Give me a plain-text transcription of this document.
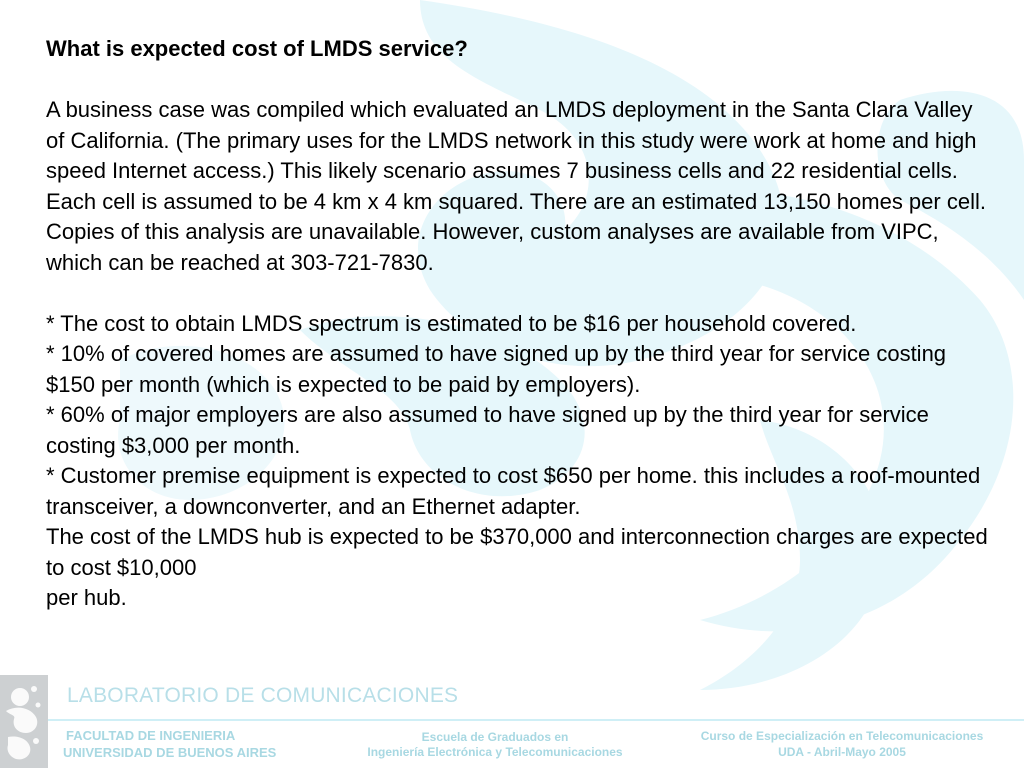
What is expected cost of LMDS service?

A business case was compiled which evaluated an LMDS deployment in the Santa Clara Valley of California. (The primary uses for the LMDS network in this study were work at home and high speed Internet access.) This likely scenario assumes 7 business cells and 22 residential cells. Each cell is assumed to be 4 km x 4 km squared. There are an estimated 13,150 homes per cell. Copies of this analysis are unavailable. However, custom analyses are available from VIPC, which can be reached at 303-721-7830.

* The cost to obtain LMDS spectrum is estimated to be $16 per household covered.

* 10% of covered homes are assumed to have signed up by the third year for service costing $150 per month (which is expected to be paid by employers).

* 60% of major employers are also assumed to have signed up by the third year for service costing $3,000 per month.

* Customer premise equipment is expected to cost $650 per home. this includes a roof-mounted transceiver, a downconverter, and an Ethernet adapter.

The cost of the LMDS hub is expected to be $370,000 and interconnection charges are expected to cost $10,000

per hub.

LABORATORIO DE COMUNICACIONES
FACULTAD DE INGENIERIA
UNIVERSIDAD DE BUENOS AIRES
Escuela de Graduados en
Ingeniería Electrónica y Telecomunicaciones
Curso de Especialización en Telecomunicaciones
UDA - Abril-Mayo 2005
